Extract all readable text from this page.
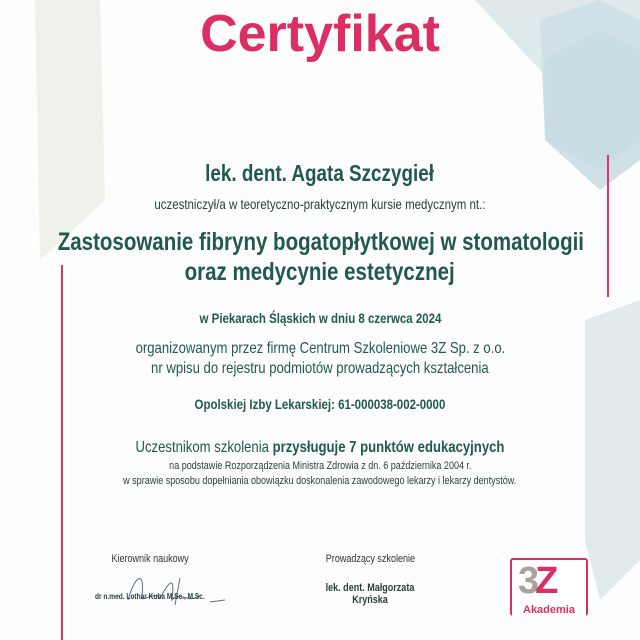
Certyfikat
lek. dent. Agata Szczygieł
uczestniczył/a w teoretyczno-praktycznym kursie medycznym nt.:
Zastosowanie fibryny bogatopłytkowej w stomatologii
oraz medycynie estetycznej
w Piekarach Śląskich w dniu 8 czerwca 2024
organizowanym przez firmę Centrum Szkoleniowe 3Z Sp. z o.o.
nr wpisu do rejestru podmiotów prowadzących kształcenia
Opolskiej Izby Lekarskiej: 61-000038-002-0000
Uczestnikom szkolenia przysługuje 7 punktów edukacyjnych
na podstawie Rozporządzenia Ministra Zdrowia z dn. 6 października 2004 r.
w sprawie sposobu dopełniania obowiązku doskonalenia zawodowego lekarzy i lekarzy dentystów.
Kierownik naukowy
dr n.med. Lothar Kuba M.Sc., M.Sc.
Prowadzący szkolenie
lek. dent. Małgorzata Kryńska	3Z
Akademia
